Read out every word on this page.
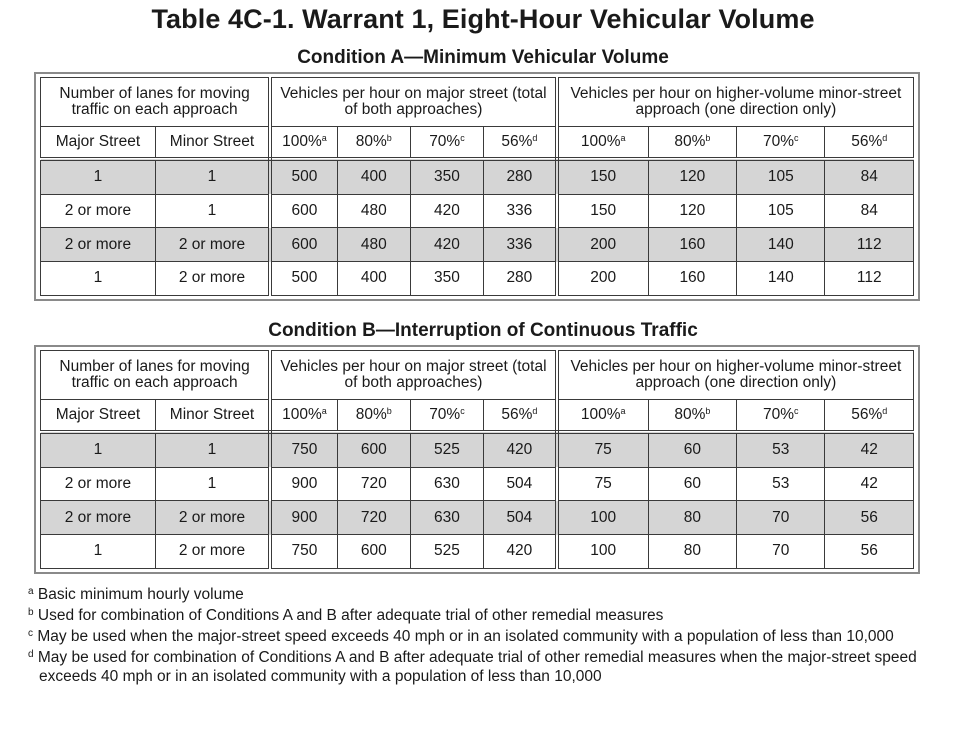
Table 4C-1. Warrant 1, Eight-Hour Vehicular Volume
Condition A—Minimum Vehicular Volume
Number of lanes for moving traffic on each approach		Vehicles per hour on major street (total of both approaches)				Vehicles per hour on higher-volume minor-street approach (one direction only)			
Major Street	Minor Street	100%$^a$	80%$^b$	70%$^c$	56%$^d$	100%$^a$	80%$^b$	70%$^c$	56%$^d$
1	1	500	400	350	280	150	120	105	84
2 or more	1	600	480	420	336	150	120	105	84
2 or more	2 or more	600	480	420	336	200	160	140	112
1	2 or more	500	400	350	280	200	160	140	112
Condition B—Interruption of Continuous Traffic
Number of lanes for moving traffic on each approach		Vehicles per hour on major street (total of both approaches)				Vehicles per hour on higher-volume minor-street approach (one direction only)			
Major Street	Minor Street	100%$^a$	80%$^b$	70%$^c$	56%$^d$	100%$^a$	80%$^b$	70%$^c$	56%$^d$
1	1	750	600	525	420	75	60	53	42
2 or more	1	900	720	630	504	75	60	53	42
2 or more	2 or more	900	720	630	504	100	80	70	56
1	2 or more	750	600	525	420	100	80	70	56
$^a$ Basic minimum hourly volume
$^b$ Used for combination of Conditions A and B after adequate trial of other remedial measures
$^c$ May be used when the major-street speed exceeds 40 mph or in an isolated community with a population of less than 10,000
$^d$ May be used for combination of Conditions A and B after adequate trial of other remedial measures when the major-street speed exceeds 40 mph or in an isolated community with a population of less than 10,000
